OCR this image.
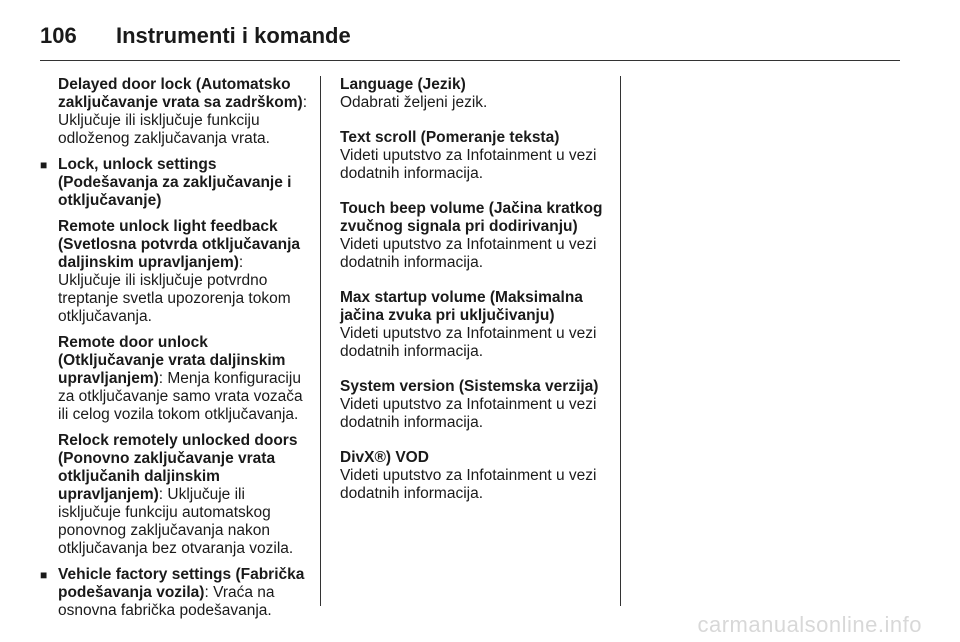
106	Instrumenti i komande

Delayed door lock (Automatsko zaključavanje vrata sa zadrškom): Uključuje ili isključuje funkciju odloženog zaključavanja vrata.

■ Lock, unlock settings (Podešavanja za zaključavanje i otključavanje)

Remote unlock light feedback (Svetlosna potvrda otključavanja daljinskim upravljanjem): Uključuje ili isključuje potvrdno treptanje svetla upozorenja tokom otključavanja.

Remote door unlock (Otključavanje vrata daljinskim upravljanjem): Menja konfiguraciju za otključavanje samo vrata vozača ili celog vozila tokom otključavanja.

Relock remotely unlocked doors (Ponovno zaključavanje vrata otključanih daljinskim upravljanjem): Uključuje ili isključuje funkciju automatskog ponovnog zaključavanja nakon otključavanja bez otvaranja vozila.

■ Vehicle factory settings (Fabrička podešavanja vozila): Vraća na osnovna fabrička podešavanja.
Language (Jezik)
Odabrati željeni jezik.
Text scroll (Pomeranje teksta)
Videti uputstvo za Infotainment u vezi dodatnih informacija.
Touch beep volume (Jačina kratkog zvučnog signala pri dodirivanju)
Videti uputstvo za Infotainment u vezi dodatnih informacija.
Max startup volume (Maksimalna jačina zvuka pri uključivanju)
Videti uputstvo za Infotainment u vezi dodatnih informacija.
System version (Sistemska verzija)
Videti uputstvo za Infotainment u vezi dodatnih informacija.
DivX®) VOD
Videti uputstvo za Infotainment u vezi dodatnih informacija.
carmanualsonline.info
